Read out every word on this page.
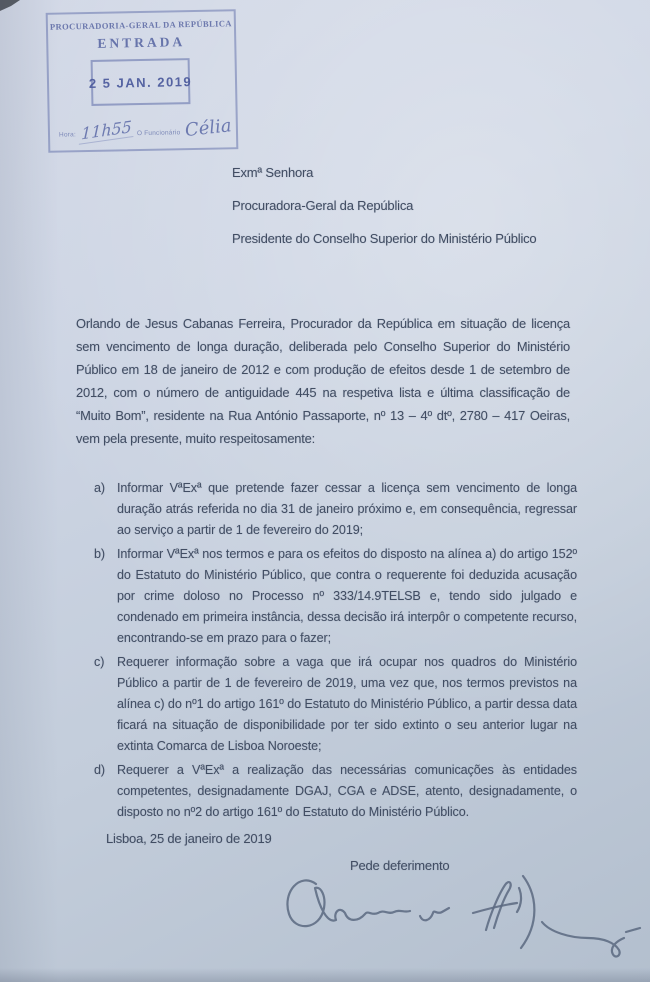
PROCURADORIA-GERAL DA REPÚBLICA
ENTRADA
2 5 JAN. 2019
Hora: 11h55 O Funcionário Célia
Exmª Senhora
Procuradora-Geral da República
Presidente do Conselho Superior do Ministério Público

Orlando de Jesus Cabanas Ferreira, Procurador da República em situação de licença sem vencimento de longa duração, deliberada pelo Conselho Superior do Ministério Público em 18 de janeiro de 2012 e com produção de efeitos desde 1 de setembro de 2012, com o número de antiguidade 445 na respetiva lista e última classificação de “Muito Bom”, residente na Rua António Passaporte, nº 13 – 4º dtº, 2780 – 417 Oeiras, vem pela presente, muito respeitosamente:

a) Informar VªExª que pretende fazer cessar a licença sem vencimento de longa duração atrás referida no dia 31 de janeiro próximo e, em consequência, regressar ao serviço a partir de 1 de fevereiro do 2019;
b) Informar VªExª nos termos e para os efeitos do disposto na alínea a) do artigo 152º do Estatuto do Ministério Público, que contra o requerente foi deduzida acusação por crime doloso no Processo nº 333/14.9TELSB e, tendo sido julgado e condenado em primeira instância, dessa decisão irá interpôr o competente recurso, encontrando-se em prazo para o fazer;
c)	Requerer informação sobre a vaga que irá ocupar nos quadros do Ministério Público a partir de 1 de fevereiro de 2019, uma vez que, nos termos previstos na alínea c) do nº1 do artigo 161º do Estatuto do Ministério Público, a partir dessa data ficará na situação de disponibilidade por ter sido extinto o seu anterior lugar na extinta Comarca de Lisboa Noroeste;
d) Requerer a VªExª a realização das necessárias comunicações às entidades competentes, designadamente DGAJ, CGA e ADSE, atento, designadamente, o disposto no nº2 do artigo 161º do Estatuto do Ministério Público.
Lisboa, 25 de janeiro de 2019
Pede deferimento
